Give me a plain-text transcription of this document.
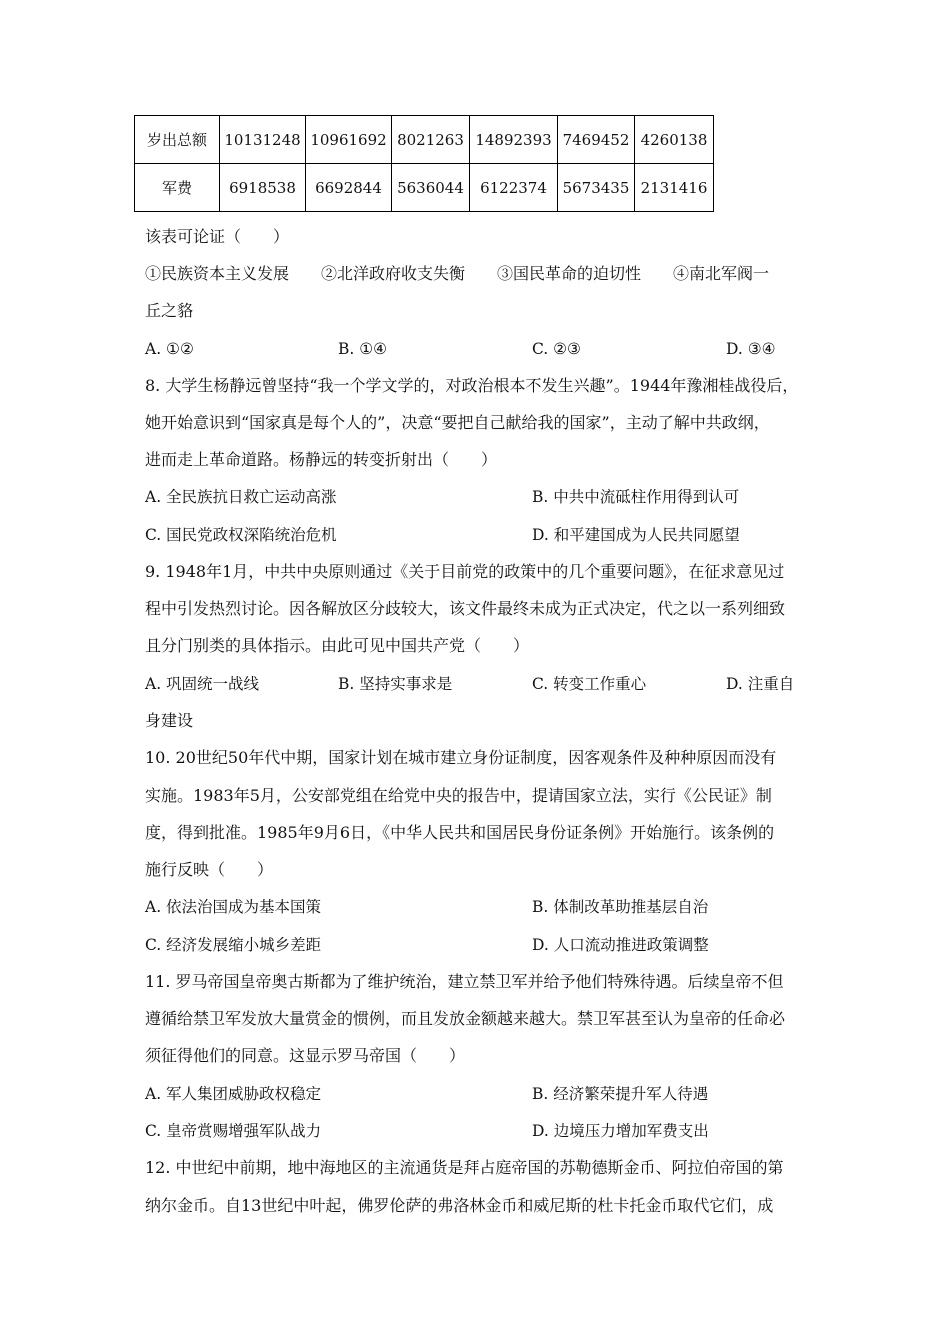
岁出总额	10131248	10961692	8021263	14892393	7469452	4260138
军费	6918538	6692844	5636044	6122374	5673435	2131416
该表可论证（　　）
①民族资本主义发展　　②北洋政府收支失衡　　③国民革命的迫切性　　④南北军阀一
丘之貉
A. ①②	B. ①④	C. ②③	D. ③④
8. 大学生杨静远曾坚持“我一个学文学的，对政治根本不发生兴趣”。1944年豫湘桂战役后，
她开始意识到“国家真是每个人的”，决意“要把自己献给我的国家”，主动了解中共政纲，
进而走上革命道路。杨静远的转变折射出（　　）
A. 全民族抗日救亡运动高涨	B. 中共中流砥柱作用得到认可
C. 国民党政权深陷统治危机	D. 和平建国成为人民共同愿望
9. 1948年1月，中共中央原则通过《关于目前党的政策中的几个重要问题》，在征求意见过
程中引发热烈讨论。因各解放区分歧较大，该文件最终未成为正式决定，代之以一系列细致
且分门别类的具体指示。由此可见中国共产党（　　）
A. 巩固统一战线	B. 坚持实事求是	C. 转变工作重心	D. 注重自
身建设
10. 20世纪50年代中期，国家计划在城市建立身份证制度，因客观条件及种种原因而没有
实施。1983年5月，公安部党组在给党中央的报告中，提请国家立法，实行《公民证》制
度，得到批准。1985年9月6日，《中华人民共和国居民身份证条例》开始施行。该条例的
施行反映（　　）
A. 依法治国成为基本国策	B. 体制改革助推基层自治
C. 经济发展缩小城乡差距	D. 人口流动推进政策调整
11. 罗马帝国皇帝奥古斯都为了维护统治，建立禁卫军并给予他们特殊待遇。后续皇帝不但
遵循给禁卫军发放大量赏金的惯例，而且发放金额越来越大。禁卫军甚至认为皇帝的任命必
须征得他们的同意。这显示罗马帝国（　　）
A. 军人集团威胁政权稳定	B. 经济繁荣提升军人待遇
C. 皇帝赏赐增强军队战力	D. 边境压力增加军费支出
12. 中世纪中前期，地中海地区的主流通货是拜占庭帝国的苏勒德斯金币、阿拉伯帝国的第
纳尔金币。自13世纪中叶起，佛罗伦萨的弗洛林金币和威尼斯的杜卡托金币取代它们，成
